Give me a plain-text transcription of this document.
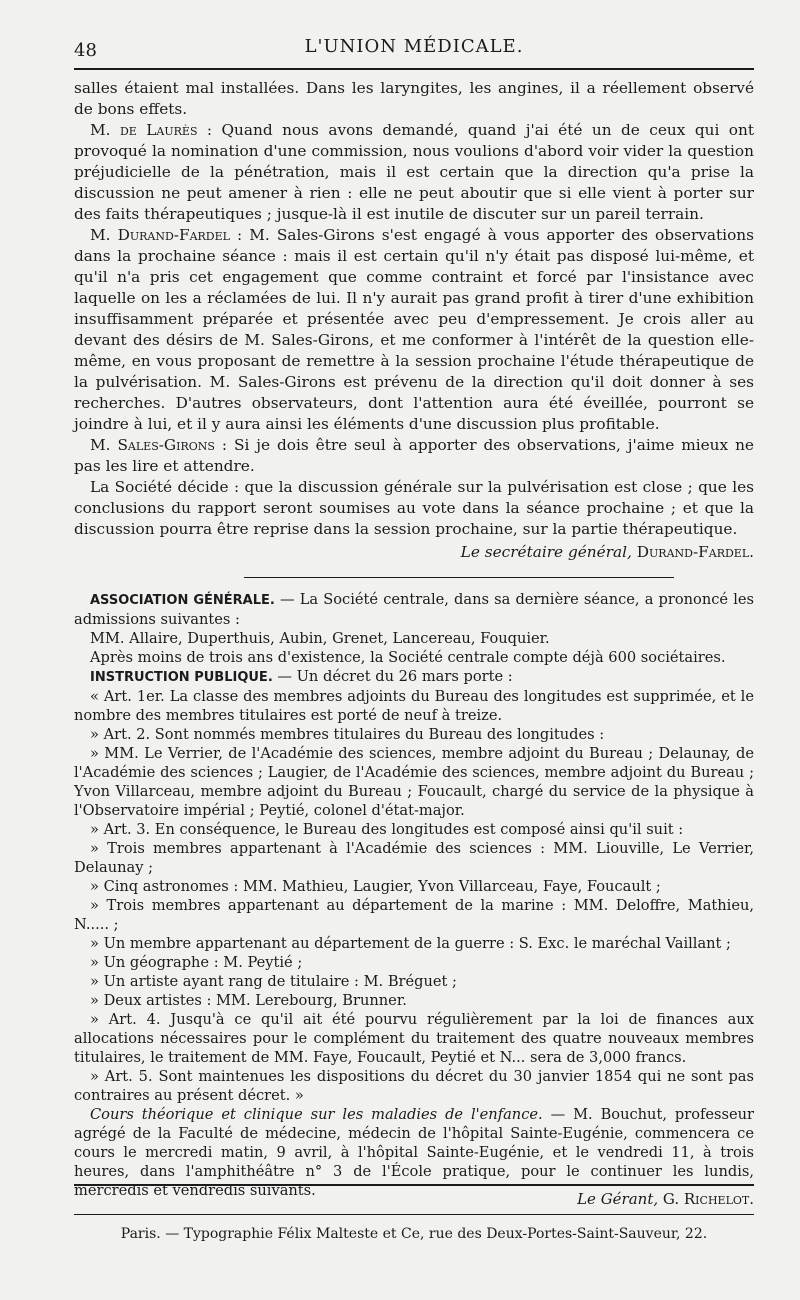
48	L'UNION MÉDICALE.

salles étaient mal installées. Dans les laryngites, les angines, il a réellement observé de bons effets.

M. de Laurès : Quand nous avons demandé, quand j'ai été un de ceux qui ont provoqué la nomination d'une commission, nous voulions d'abord voir vider la question préjudicielle de la pénétration, mais il est certain que la direction qu'a prise la discussion ne peut amener à rien : elle ne peut aboutir que si elle vient à porter sur des faits thérapeutiques ; jusque-là il est inutile de discuter sur un pareil terrain.

M. Durand-Fardel : M. Sales-Girons s'est engagé à vous apporter des observations dans la prochaine séance : mais il est certain qu'il n'y était pas disposé lui-même, et qu'il n'a pris cet engagement que comme contraint et forcé par l'insistance avec laquelle on les a réclamées de lui. Il n'y aurait pas grand profit à tirer d'une exhibition insuffisamment préparée et présentée avec peu d'empressement. Je crois aller au devant des désirs de M. Sales-Girons, et me conformer à l'intérêt de la question elle-même, en vous proposant de remettre à la session prochaine l'étude thérapeutique de la pulvérisation. M. Sales-Girons est prévenu de la direction qu'il doit donner à ses recherches. D'autres observateurs, dont l'attention aura été éveillée, pourront se joindre à lui, et il y aura ainsi les éléments d'une discussion plus profitable.

M. Sales-Girons : Si je dois être seul à apporter des observations, j'aime mieux ne pas les lire et attendre.

La Société décide : que la discussion générale sur la pulvérisation est close ; que les conclusions du rapport seront soumises au vote dans la séance prochaine ; et que la discussion pourra être reprise dans la session prochaine, sur la partie thérapeutique.

Le secrétaire général, Durand-Fardel.

ASSOCIATION GÉNÉRALE. — La Société centrale, dans sa dernière séance, a prononcé les admissions suivantes :

MM. Allaire, Duperthuis, Aubin, Grenet, Lancereau, Fouquier.

Après moins de trois ans d'existence, la Société centrale compte déjà 600 sociétaires.

INSTRUCTION PUBLIQUE. — Un décret du 26 mars porte :

« Art. 1er. La classe des membres adjoints du Bureau des longitudes est supprimée, et le nombre des membres titulaires est porté de neuf à treize.

» Art. 2. Sont nommés membres titulaires du Bureau des longitudes :

» MM. Le Verrier, de l'Académie des sciences, membre adjoint du Bureau ; Delaunay, de l'Académie des sciences ; Laugier, de l'Académie des sciences, membre adjoint du Bureau ; Yvon Villarceau, membre adjoint du Bureau ; Foucault, chargé du service de la physique à l'Observatoire impérial ; Peytié, colonel d'état-major.

» Art. 3. En conséquence, le Bureau des longitudes est composé ainsi qu'il suit :

» Trois membres appartenant à l'Académie des sciences : MM. Liouville, Le Verrier, Delaunay ;

» Cinq astronomes : MM. Mathieu, Laugier, Yvon Villarceau, Faye, Foucault ;

» Trois membres appartenant au département de la marine : MM. Deloffre, Mathieu, N..... ;

» Un membre appartenant au département de la guerre : S. Exc. le maréchal Vaillant ;

» Un géographe : M. Peytié ;

» Un artiste ayant rang de titulaire : M. Bréguet ;

» Deux artistes : MM. Lerebourg, Brunner.

» Art. 4. Jusqu'à ce qu'il ait été pourvu régulièrement par la loi de finances aux allocations nécessaires pour le complément du traitement des quatre nouveaux membres titulaires, le traitement de MM. Faye, Foucault, Peytié et N... sera de 3,000 francs.

» Art. 5. Sont maintenues les dispositions du décret du 30 janvier 1854 qui ne sont pas contraires au présent décret. »

Cours théorique et clinique sur les maladies de l'enfance. — M. Bouchut, professeur agrégé de la Faculté de médecine, médecin de l'hôpital Sainte-Eugénie, commencera ce cours le mercredi matin, 9 avril, à l'hôpital Sainte-Eugénie, et le vendredi 11, à trois heures, dans l'amphithéâtre n° 3 de l'École pratique, pour le continuer les lundis, mercredis et vendredis suivants.	Le Gérant, G. Richelot.
Paris. — Typographie Félix Malteste et Ce, rue des Deux-Portes-Saint-Sauveur, 22.
